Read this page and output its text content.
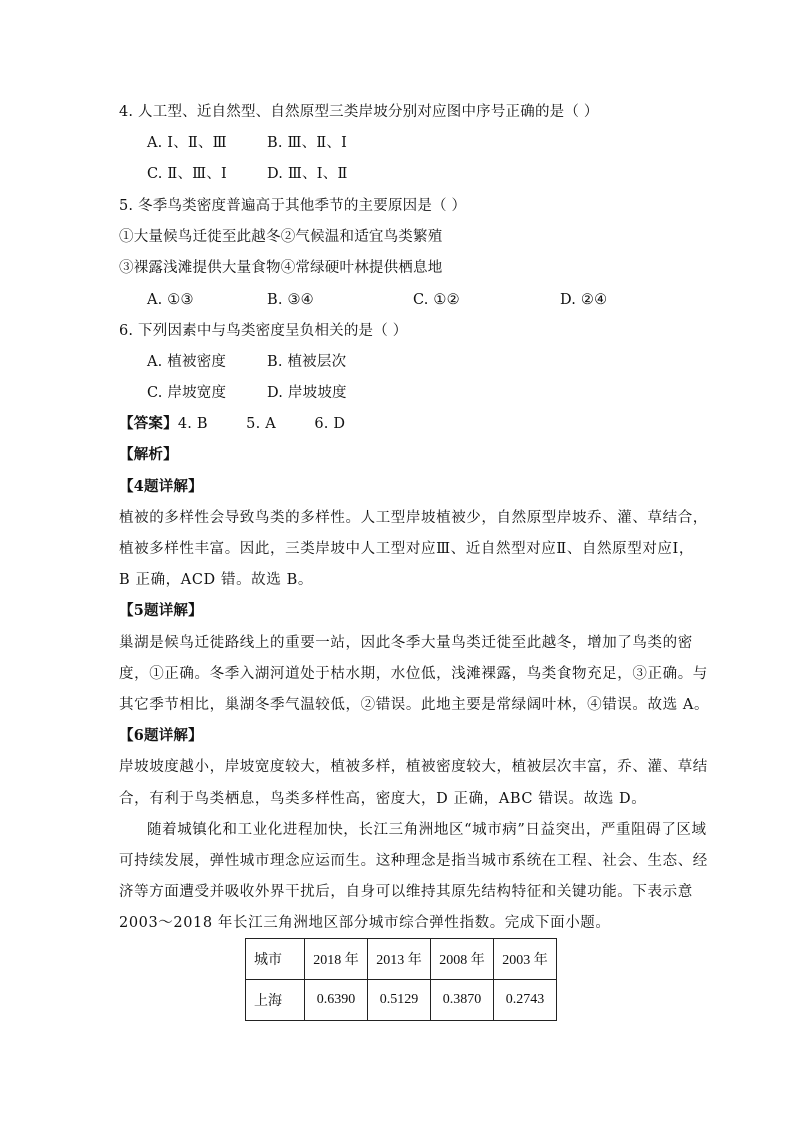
4. 人工型、近自然型、自然原型三类岸坡分别对应图中序号正确的是（ ）
A. Ⅰ、Ⅱ、Ⅲ	B. Ⅲ、Ⅱ、Ⅰ
C. Ⅱ、Ⅲ、Ⅰ	D. Ⅲ、Ⅰ、Ⅱ
5. 冬季鸟类密度普遍高于其他季节的主要原因是（ ）
①大量候鸟迁徙至此越冬②气候温和适宜鸟类繁殖
③裸露浅滩提供大量食物④常绿硬叶林提供栖息地
A. ①③	B. ③④	C. ①②	D. ②④
6. 下列因素中与鸟类密度呈负相关的是（ ）
A. 植被密度	B. 植被层次
C. 岸坡宽度	D. 岸坡坡度
【答案】4. B        5. A        6. D
【解析】
【4题详解】
植被的多样性会导致鸟类的多样性。人工型岸坡植被少，自然原型岸坡乔、灌、草结合，
植被多样性丰富。因此，三类岸坡中人工型对应Ⅲ、近自然型对应Ⅱ、自然原型对应Ⅰ，
B 正确，ACD 错。故选 B。
【5题详解】
巢湖是候鸟迁徙路线上的重要一站，因此冬季大量鸟类迁徙至此越冬，增加了鸟类的密
度，①正确。冬季入湖河道处于枯水期，水位低，浅滩裸露，鸟类食物充足，③正确。与
其它季节相比，巢湖冬季气温较低，②错误。此地主要是常绿阔叶林，④错误。故选 A。
【6题详解】
岸坡坡度越小，岸坡宽度较大，植被多样，植被密度较大，植被层次丰富，乔、灌、草结
合，有利于鸟类栖息，鸟类多样性高，密度大，D 正确，ABC 错误。故选 D。
随着城镇化和工业化进程加快，长江三角洲地区“城市病”日益突出，严重阻碍了区域
可持续发展，弹性城市理念应运而生。这种理念是指当城市系统在工程、社会、生态、经
济等方面遭受并吸收外界干扰后，自身可以维持其原先结构特征和关键功能。下表示意
2003～2018 年长江三角洲地区部分城市综合弹性指数。完成下面小题。
城市	2018 年	2013 年	2008 年	2003 年
上海	0.6390	0.5129	0.3870	0.2743
